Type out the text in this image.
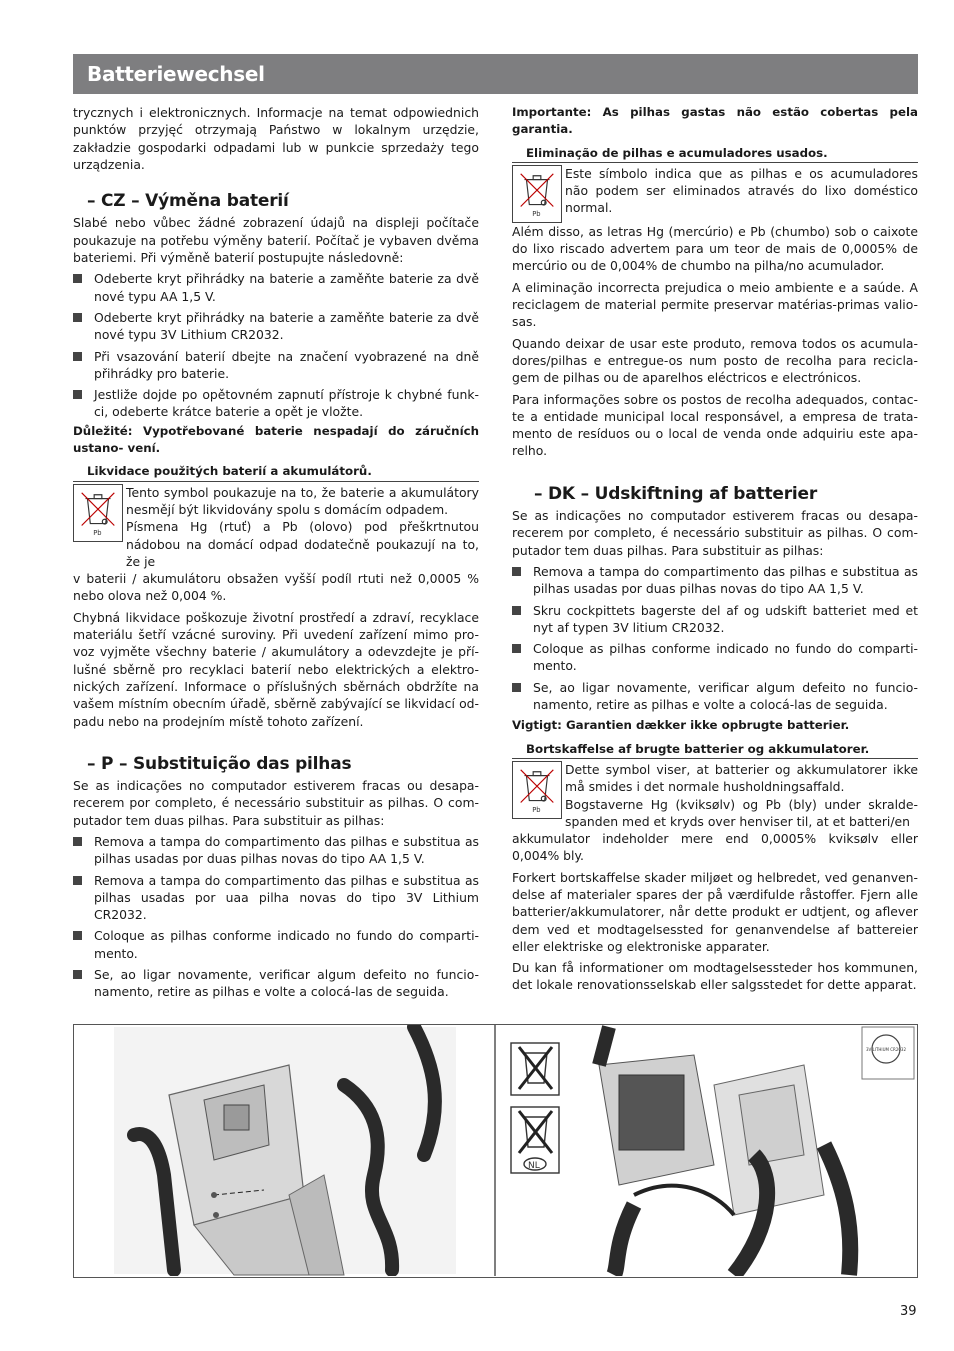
Batteriewechsel

trycznych i elektronicznych. Informacje na temat odpowiednich punktów przyjęć otrzymają Państwo w lokalnym urzędzie, zakładzie gospodarki odpadami lub w punkcie sprzedaży tego urządzenia.

– CZ – Výměna baterií

Slabé nebo vůbec žádné zobrazení údajů na displeji počítače poukazuje na potřebu výměny baterií. Počítač je vybaven dvěma bateriemi. Při výměně baterií postupujte následovně:

Odeberte kryt přihrádky na baterie a zaměňte baterie za dvě nové typu AA 1,5 V.
Odeberte kryt přihrádky na baterie a zaměňte baterie za dvě nové typu 3V Lithium CR2032.
Při vsazování baterií dbejte na značení vyobrazené na dně přihrádky pro baterie.
Jestliže dojde po opětovném zapnutí přístroje k chybné funk- ci, odeberte krátce baterie a opět je vložte.

Důležité: Vypotřebované baterie nespadají do záručních ustano- vení.

Likvidace použitých baterií a akumulátorů.
Pb

Tento symbol poukazuje na to, že baterie a akumulátory nesmějí být likvidovány spolu s domácím odpadem.

Písmena Hg (rtuť) a Pb (olovo) pod přeškrtnutou nádobou na domácí odpad dodatečně poukazují na to, že je

v baterii / akumulátoru obsažen vyšší podíl rtuti než 0,0005 % nebo olova než 0,004 %.

Chybná likvidace poškozuje životní prostředí a zdraví, recyklace materiálu šetří vzácné suroviny. Při uvedení zařízení mimo pro- voz vyjměte všechny baterie / akumulátory a odevzdejte je pří- lušné sběrně pro recyklaci baterií nebo elektrických a elektro- nických zařízení. Informace o příslušných sběrnách obdržíte na vašem místním obecním úřadě, sběrně zabývající se likvidací od- padu nebo na prodejním místě tohoto zařízení.

– P – Substituição das pilhas

Se as indicações no computador estiverem fracas ou desapa- recerem por completo, é necessário substituir as pilhas. O com- putador tem duas pilhas. Para substituir as pilhas:

Remova a tampa do compartimento das pilhas e substitua as pilhas usadas por duas pilhas novas do tipo AA 1,5 V.
Remova a tampa do compartimento das pilhas e substitua as pilhas usadas por uaa pilha novas do tipo 3V Lithium CR2032.
Coloque as pilhas conforme indicado no fundo do comparti- mento.
Se, ao ligar novamente, verificar algum defeito no funcio- namento, retire as pilhas e volte a colocá-las de seguida.

Importante: As pilhas gastas não estão cobertas pela garantia.

Eliminação de pilhas e acumuladores usados.
Pb

Este símbolo indica que as pilhas e os acumuladores não podem ser eliminados através do lixo doméstico normal.

Além disso, as letras Hg (mercúrio) e Pb (chumbo) sob o caixote do lixo riscado advertem para um teor de mais de 0,0005% de mercúrio ou de 0,004% de chumbo na pilha/no acumulador.

A eliminação incorrecta prejudica o meio ambiente e a saúde. A reciclagem de material permite preservar matérias-primas valio- sas.

Quando deixar de usar este produto, remova todos os acumula- dores/pilhas e entregue-os num posto de recolha para recicla- gem de pilhas ou de aparelhos eléctricos e electrónicos.

Para informações sobre os postos de recolha adequados, contac- te a entidade municipal local responsável, a empresa de trata- mento de resíduos ou o local de venda onde adquiriu este apa- relho.

– DK – Udskiftning af batterier

Se as indicações no computador estiverem fracas ou desapa- recerem por completo, é necessário substituir as pilhas. O com- putador tem duas pilhas. Para substituir as pilhas:

Remova a tampa do compartimento das pilhas e substitua as pilhas usadas por duas pilhas novas do tipo AA 1,5 V.
Skru cockpittets bagerste del af og udskift batteriet med et nyt af typen 3V litium CR2032.
Coloque as pilhas conforme indicado no fundo do comparti- mento.
Se, ao ligar novamente, verificar algum defeito no funcio- namento, retire as pilhas e volte a colocá-las de seguida.

Vigtigt: Garantien dækker ikke opbrugte batterier.

Bortskaffelse af brugte batterier og akkumulatorer.
Pb

Dette symbol viser, at batterier og akkumulatorer ikke må smides i det normale husholdningsaffald.

Bogstaverne Hg (kviksølv) og Pb (bly) under skralde- spanden med et kryds over henviser til, at et batteri/en

akkumulator indeholder mere end 0,0005% kviksølv eller 0,004% bly.

Forkert bortskaffelse skader miljøet og helbredet, ved genanven- delse af materialer spares der på værdifulde råstoffer. Fjern alle batterier/akkumulatorer, når dette produkt er udtjent, og aflever dem ved et modtagelsessted for genanvendelse af battereier eller elektriske og elektroniske apparater.

Du kan få informationer om modtagelsessteder hos kommunen, det lokale renovationsselskab eller salgsstedet for dette apparat.

NL
3V LITHIUM CR2032
39
